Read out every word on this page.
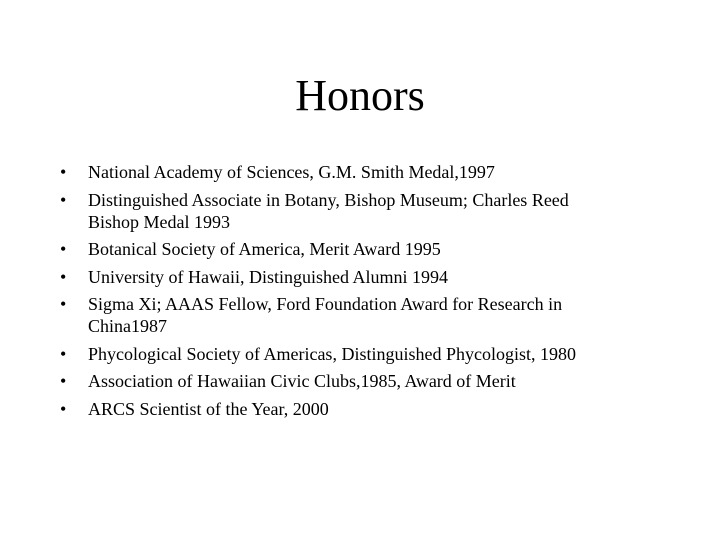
Honors
•	National Academy of Sciences, G.M. Smith Medal,1997
•	Distinguished Associate in Botany, Bishop Museum; Charles Reed
Bishop Medal 1993
•	Botanical Society of America, Merit Award 1995
•	University of Hawaii, Distinguished Alumni 1994
•	Sigma Xi; AAAS Fellow, Ford Foundation Award for Research in
China1987
•	Phycological Society of Americas, Distinguished Phycologist, 1980
•	Association of Hawaiian Civic Clubs,1985, Award of Merit
•	ARCS Scientist of the Year, 2000
